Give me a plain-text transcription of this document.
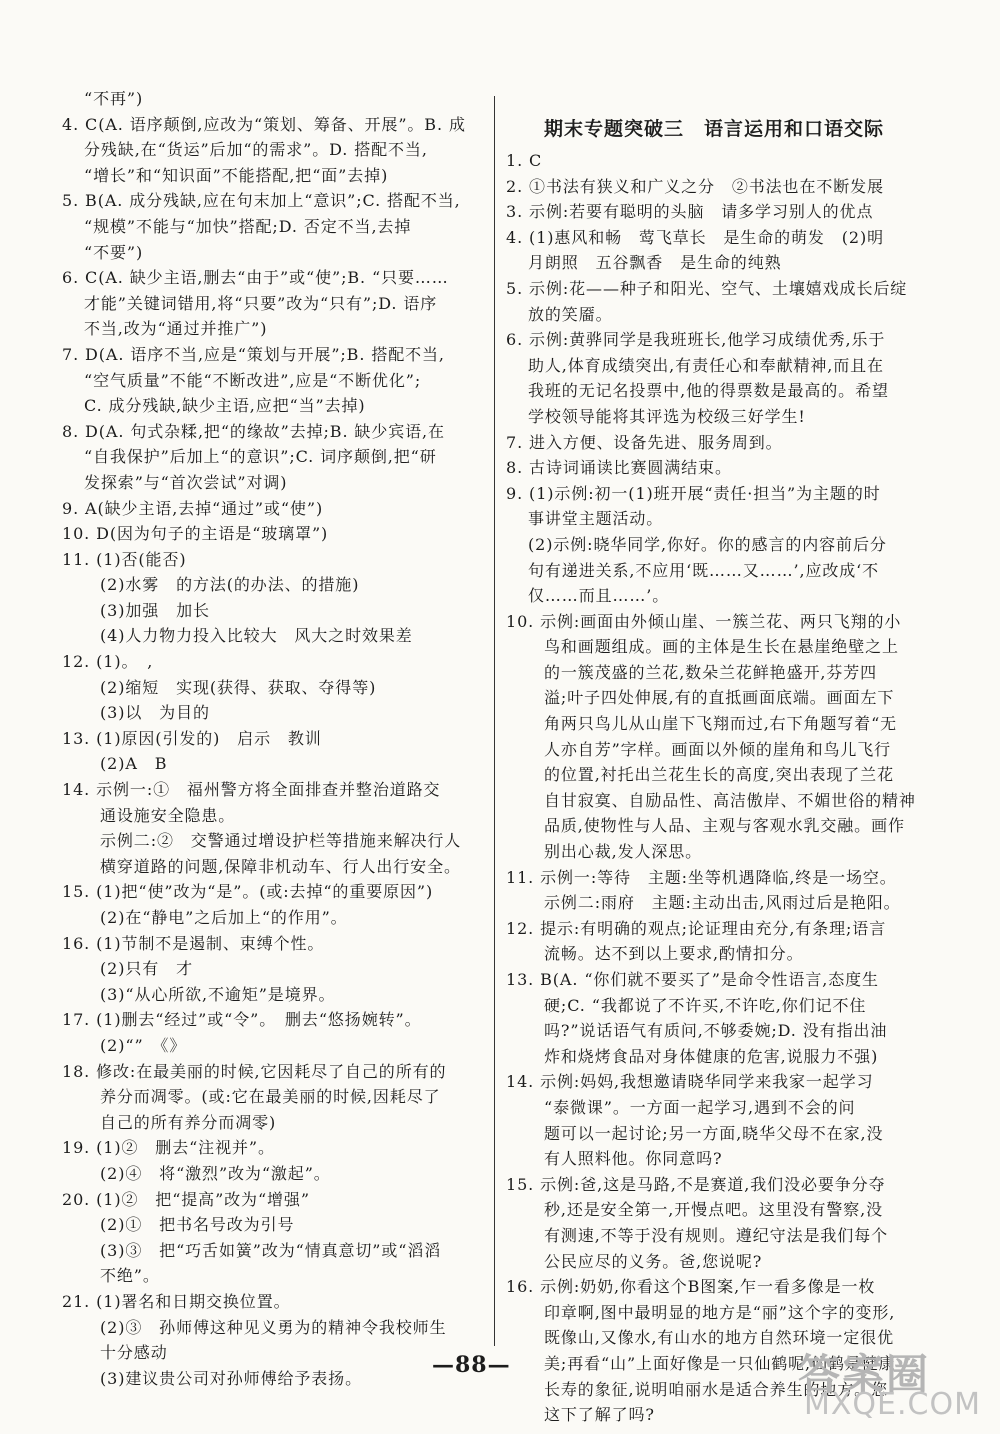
“不再”)
4. C(A. 语序颠倒,应改为“策划、筹备、开展”。B. 成
分残缺,在“货运”后加“的需求”。D. 搭配不当,
“增长”和“知识面”不能搭配,把“面”去掉)
5. B(A. 成分残缺,应在句末加上“意识”;C. 搭配不当,
“规模”不能与“加快”搭配;D. 否定不当,去掉
“不要”)
6. C(A. 缺少主语,删去“由于”或“使”;B. “只要……
才能”关键词错用,将“只要”改为“只有”;D. 语序
不当,改为“通过并推广”)
7. D(A. 语序不当,应是“策划与开展”;B. 搭配不当,
“空气质量”不能“不断改进”,应是“不断优化”;
C. 成分残缺,缺少主语,应把“当”去掉)
8. D(A. 句式杂糅,把“的缘故”去掉;B. 缺少宾语,在
“自我保护”后加上“的意识”;C. 词序颠倒,把“研
发探索”与“首次尝试”对调)
9. A(缺少主语,去掉“通过”或“使”)
10. D(因为句子的主语是“玻璃罩”)
11. (1)否(能否)
(2)水雾　的方法(的办法、的措施)
(3)加强　加长
(4)人力物力投入比较大　风大之时效果差
12. (1)。　,
(2)缩短　实现(获得、获取、夺得等)
(3)以　为目的
13. (1)原因(引发的)　启示　教训
(2)A　B
14. 示例一:①　福州警方将全面排查并整治道路交
通设施安全隐患。
示例二:②　交警通过增设护栏等措施来解决行人
横穿道路的问题,保障非机动车、行人出行安全。
15. (1)把“使”改为“是”。(或:去掉“的重要原因”)
(2)在“静电”之后加上“的作用”。
16. (1)节制不是遏制、束缚个性。
(2)只有　才
(3)“从心所欲,不逾矩”是境界。
17. (1)删去“经过”或“令”。　删去“悠扬婉转”。
(2)“”　《》
18. 修改:在最美丽的时候,它因耗尽了自己的所有的
养分而凋零。(或:它在最美丽的时候,因耗尽了
自己的所有养分而凋零)
19. (1)②　删去“注视并”。
(2)④　将“激烈”改为“激起”。
20. (1)②　把“提高”改为“增强”
(2)①　把书名号改为引号
(3)③　把“巧舌如簧”改为“情真意切”或“滔滔
不绝”。
21. (1)署名和日期交换位置。
(2)③　孙师傅这种见义勇为的精神令我校师生
十分感动
(3)建议贵公司对孙师傅给予表扬。
期末专题突破三　语言运用和口语交际
1. C
2. ①书法有狭义和广义之分　②书法也在不断发展
3. 示例:若要有聪明的头脑　请多学习别人的优点
4. (1)惠风和畅　莺飞草长　是生命的萌发　(2)明
月朗照　五谷飘香　是生命的纯熟
5. 示例:花——种子和阳光、空气、土壤嬉戏成长后绽
放的笑靥。
6. 示例:黄骅同学是我班班长,他学习成绩优秀,乐于
助人,体育成绩突出,有责任心和奉献精神,而且在
我班的无记名投票中,他的得票数是最高的。希望
学校领导能将其评选为校级三好学生!
7. 进入方便、设备先进、服务周到。
8. 古诗词诵读比赛圆满结束。
9. (1)示例:初一(1)班开展“责任·担当”为主题的时
事讲堂主题活动。
(2)示例:晓华同学,你好。你的感言的内容前后分
句有递进关系,不应用‘既……又……’,应改成‘不
仅……而且……’。
10. 示例:画面由外倾山崖、一簇兰花、两只飞翔的小
鸟和画题组成。画的主体是生长在悬崖绝壁之上
的一簇茂盛的兰花,数朵兰花鲜艳盛开,芬芳四
溢;叶子四处伸展,有的直抵画面底端。画面左下
角两只鸟儿从山崖下飞翔而过,右下角题写着“无
人亦自芳”字样。画面以外倾的崖角和鸟儿飞行
的位置,衬托出兰花生长的高度,突出表现了兰花
自甘寂寞、自励品性、高洁傲岸、不媚世俗的精神
品质,使物性与人品、主观与客观水乳交融。画作
别出心裁,发人深思。
11. 示例一:等待　主题:坐等机遇降临,终是一场空。
示例二:雨府　主题:主动出击,风雨过后是艳阳。
12. 提示:有明确的观点;论证理由充分,有条理;语言
流畅。达不到以上要求,酌情扣分。
13. B(A. “你们就不要买了”是命令性语言,态度生
硬;C. “我都说了不许买,不许吃,你们记不住
吗?”说话语气有质问,不够委婉;D. 没有指出油
炸和烧烤食品对身体健康的危害,说服力不强)
14. 示例:妈妈,我想邀请晓华同学来我家一起学习
“泰微课”。一方面一起学习,遇到不会的问
题可以一起讨论;另一方面,晓华父母不在家,没
有人照料他。你同意吗?
15. 示例:爸,这是马路,不是赛道,我们没必要争分夺
秒,还是安全第一,开慢点吧。这里没有警察,没
有测速,不等于没有规则。遵纪守法是我们每个
公民应尽的义务。爸,您说呢?
16. 示例:奶奶,你看这个B图案,乍一看多像是一枚
印章啊,图中最明显的地方是“丽”这个字的变形,
既像山,又像水,有山水的地方自然环境一定很优
美;再看“山”上面好像是一只仙鹤呢,仙鹤是健康
长寿的象征,说明咱丽水是适合养生的地方。您
这下了解了吗?
—88—	答案圈
MXQE.COM
